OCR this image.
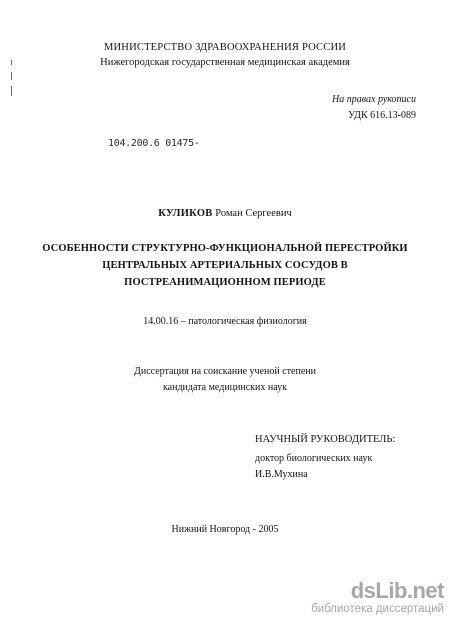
МИНИСТЕРСТВО ЗДРАВООХРАНЕНИЯ РОССИИ
Нижегородская государственная медицинская академия
На правах рукописи
УДК 616.13-089
104.200.6 01475-
КУЛИКОВ Роман Сергеевич
ОСОБЕННОСТИ СТРУКТУРНО-ФУНКЦИОНАЛЬНОЙ ПЕРЕСТРОЙКИ
ЦЕНТРАЛЬНЫХ АРТЕРИАЛЬНЫХ СОСУДОВ В
ПОСТРЕАНИМАЦИОННОМ ПЕРИОДЕ
14.00.16 – патологическая физиология
Диссертация на соискание ученой степени
кандидата медицинских наук
НАУЧНЫЙ РУКОВОДИТЕЛЬ:
доктор биологических наук
И.В.Мухина
Нижний Новгород - 2005
dsLib.net
библиотека диссертаций
